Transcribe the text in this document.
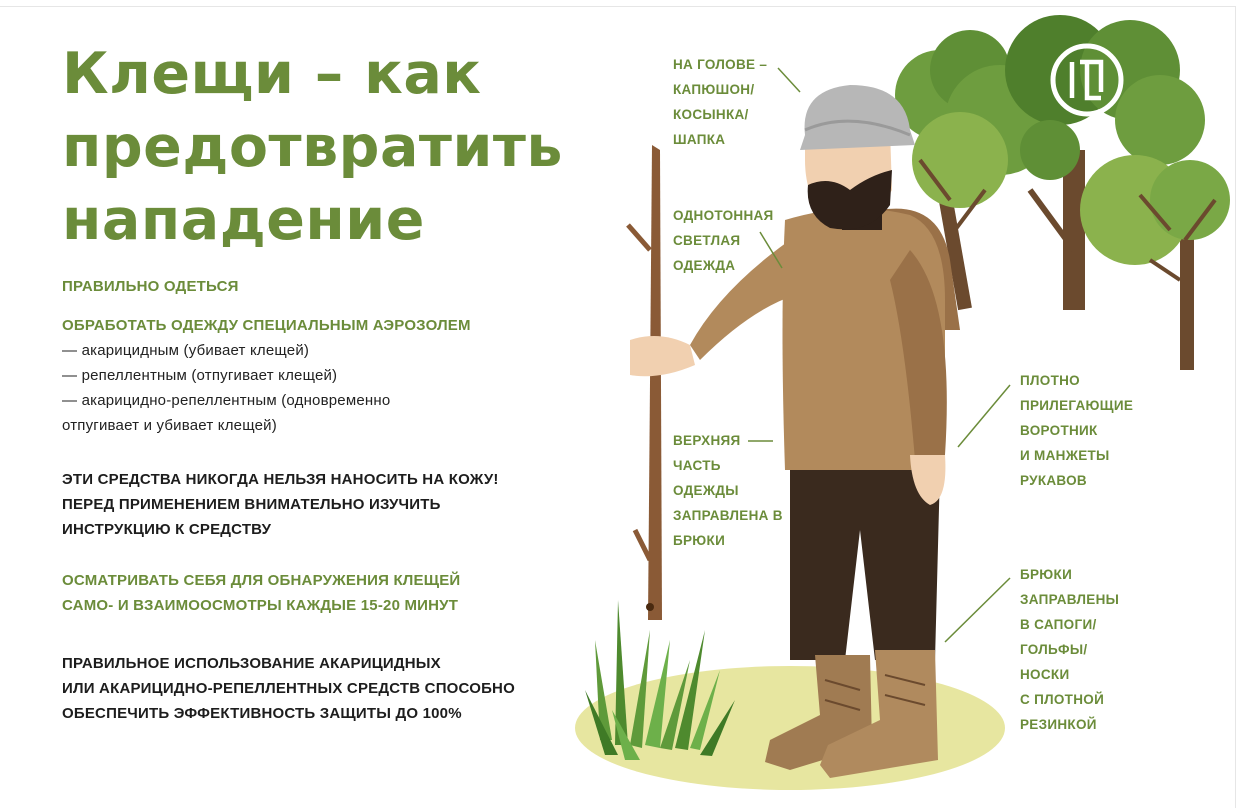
Клещи – как
предотвратить
нападение
ПРАВИЛЬНО ОДЕТЬСЯ
ОБРАБОТАТЬ ОДЕЖДУ СПЕЦИАЛЬНЫМ АЭРОЗОЛЕМ
— акарицидным (убивает клещей)
— репеллентным (отпугивает клещей)
— акарицидно-репеллентным (одновременно
отпугивает и убивает клещей)
ЭТИ СРЕДСТВА НИКОГДА НЕЛЬЗЯ НАНОСИТЬ НА КОЖУ!
ПЕРЕД ПРИМЕНЕНИЕМ ВНИМАТЕЛЬНО ИЗУЧИТЬ
ИНСТРУКЦИЮ К СРЕДСТВУ
ОСМАТРИВАТЬ СЕБЯ ДЛЯ ОБНАРУЖЕНИЯ КЛЕЩЕЙ
САМО- И ВЗАИМООСМОТРЫ КАЖДЫЕ 15-20 МИНУТ
ПРАВИЛЬНОЕ ИСПОЛЬЗОВАНИЕ АКАРИЦИДНЫХ
ИЛИ АКАРИЦИДНО-РЕПЕЛЛЕНТНЫХ СРЕДСТВ СПОСОБНО
ОБЕСПЕЧИТЬ ЭФФЕКТИВНОСТЬ ЗАЩИТЫ ДО 100%
НА ГОЛОВЕ –
КАПЮШОН/
КОСЫНКА/
ШАПКА
ОДНОТОННАЯ
СВЕТЛАЯ
ОДЕЖДА
ВЕРХНЯЯ
ЧАСТЬ
ОДЕЖДЫ
ЗАПРАВЛЕНА В
БРЮКИ
ПЛОТНО
ПРИЛЕГАЮЩИЕ
ВОРОТНИК
И МАНЖЕТЫ
РУКАВОВ
БРЮКИ
ЗАПРАВЛЕНЫ
В САПОГИ/
ГОЛЬФЫ/
НОСКИ
С ПЛОТНОЙ
РЕЗИНКОЙ
